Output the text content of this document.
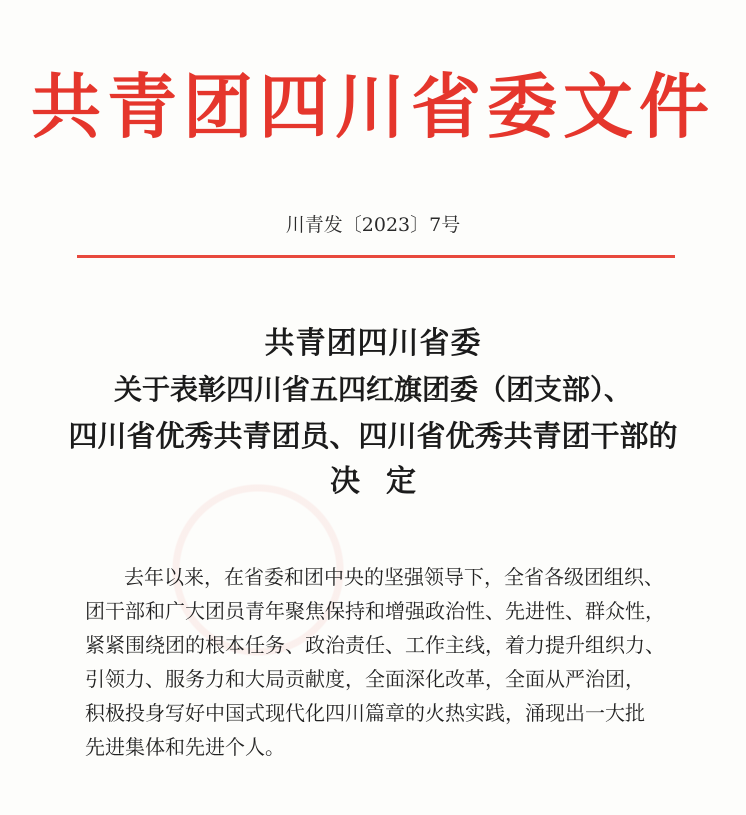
共青团四川省委文件
川青发〔2023〕7号
共青团四川省委
关于表彰四川省五四红旗团委（团支部）、
四川省优秀共青团员、四川省优秀共青团干部的
决定
去年以来，在省委和团中央的坚强领导下，全省各级团组织、
团干部和广大团员青年聚焦保持和增强政治性、先进性、群众性，
紧紧围绕团的根本任务、政治责任、工作主线，着力提升组织力、
引领力、服务力和大局贡献度，全面深化改革，全面从严治团，
积极投身写好中国式现代化四川篇章的火热实践，涌现出一大批
先进集体和先进个人。
